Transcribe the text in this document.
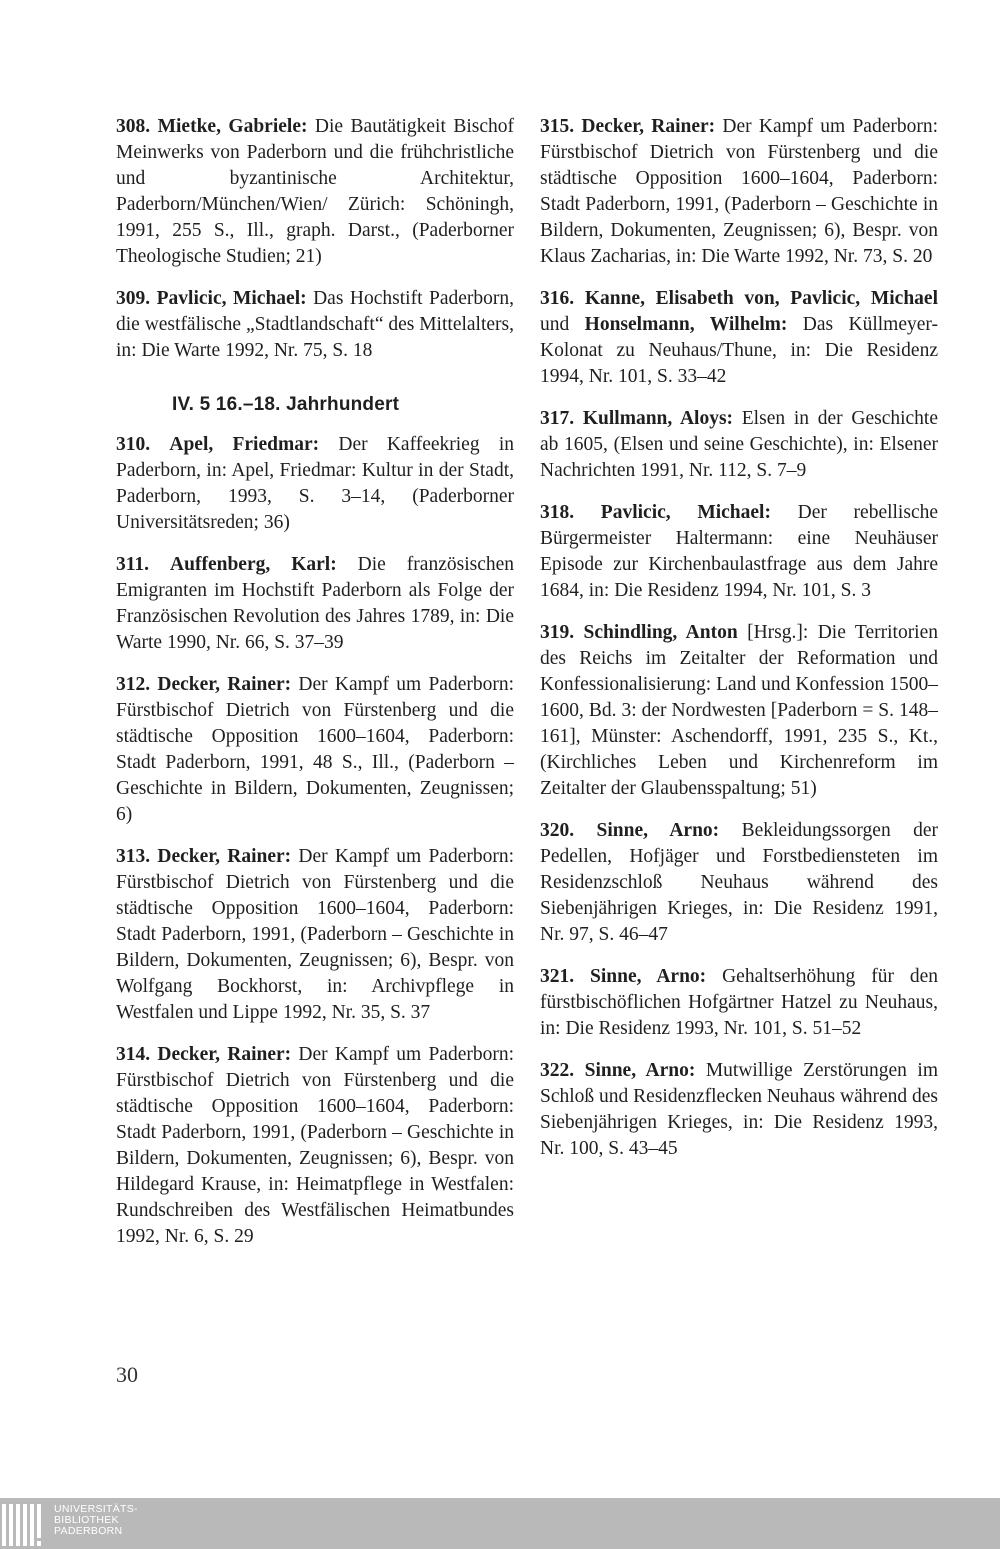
308. Mietke, Gabriele: Die Bautätigkeit Bischof Meinwerks von Paderborn und die frühchristliche und byzantinische Architektur, Paderborn/München/Wien/ Zürich: Schöningh, 1991, 255 S., Ill., graph. Darst., (Paderborner Theologische Studien; 21)

309. Pavlicic, Michael: Das Hochstift Paderborn, die westfälische „Stadtlandschaft“ des Mittelalters, in: Die Warte 1992, Nr. 75, S. 18

IV. 5 16.–18. Jahrhundert

310. Apel, Friedmar: Der Kaffeekrieg in Paderborn, in: Apel, Friedmar: Kultur in der Stadt, Paderborn, 1993, S. 3–14, (Paderborner Universitätsreden; 36)

311. Auffenberg, Karl: Die französischen Emigranten im Hochstift Paderborn als Folge der Französischen Revolution des Jahres 1789, in: Die Warte 1990, Nr. 66, S. 37–39

312. Decker, Rainer: Der Kampf um Paderborn: Fürstbischof Dietrich von Fürstenberg und die städtische Opposition 1600–1604, Paderborn: Stadt Paderborn, 1991, 48 S., Ill., (Paderborn – Geschichte in Bildern, Dokumenten, Zeugnissen; 6)

313. Decker, Rainer: Der Kampf um Paderborn: Fürstbischof Dietrich von Fürstenberg und die städtische Opposition 1600–1604, Paderborn: Stadt Paderborn, 1991, (Paderborn – Geschichte in Bildern, Dokumenten, Zeugnissen; 6), Bespr. von Wolfgang Bockhorst, in: Archivpflege in Westfalen und Lippe 1992, Nr. 35, S. 37

314. Decker, Rainer: Der Kampf um Paderborn: Fürstbischof Dietrich von Fürstenberg und die städtische Opposition 1600–1604, Paderborn: Stadt Paderborn, 1991, (Paderborn – Geschichte in Bildern, Dokumenten, Zeugnissen; 6), Bespr. von Hildegard Krause, in: Heimatpflege in Westfalen: Rundschreiben des Westfälischen Heimatbundes 1992, Nr. 6, S. 29

315. Decker, Rainer: Der Kampf um Paderborn: Fürstbischof Dietrich von Fürstenberg und die städtische Opposition 1600–1604, Paderborn: Stadt Paderborn, 1991, (Paderborn – Geschichte in Bildern, Dokumenten, Zeugnissen; 6), Bespr. von Klaus Zacharias, in: Die Warte 1992, Nr. 73, S. 20

316. Kanne, Elisabeth von, Pavlicic, Michael und Honselmann, Wilhelm: Das Küllmeyer-Kolonat zu Neuhaus/Thune, in: Die Residenz 1994, Nr. 101, S. 33–42

317. Kullmann, Aloys: Elsen in der Geschichte ab 1605, (Elsen und seine Geschichte), in: Elsener Nachrichten 1991, Nr. 112, S. 7–9

318. Pavlicic, Michael: Der rebellische Bürgermeister Haltermann: eine Neuhäuser Episode zur Kirchenbaulastfrage aus dem Jahre 1684, in: Die Residenz 1994, Nr. 101, S. 3

319. Schindling, Anton [Hrsg.]: Die Territorien des Reichs im Zeitalter der Reformation und Konfessionalisierung: Land und Konfession 1500–1600, Bd. 3: der Nordwesten [Paderborn = S. 148–161], Münster: Aschendorff, 1991, 235 S., Kt., (Kirchliches Leben und Kirchenreform im Zeitalter der Glaubensspaltung; 51)

320. Sinne, Arno: Bekleidungssorgen der Pedellen, Hofjäger und Forstbediensteten im Residenzschloß Neuhaus während des Siebenjährigen Krieges, in: Die Residenz 1991, Nr. 97, S. 46–47

321. Sinne, Arno: Gehaltserhöhung für den fürstbischöflichen Hofgärtner Hatzel zu Neuhaus, in: Die Residenz 1993, Nr. 101, S. 51–52

322. Sinne, Arno: Mutwillige Zerstörungen im Schloß und Residenzflecken Neuhaus während des Siebenjährigen Krieges, in: Die Residenz 1993, Nr. 100, S. 43–45

30
UNIVERSITÄTS-
BIBLIOTHEK
PADERBORN
